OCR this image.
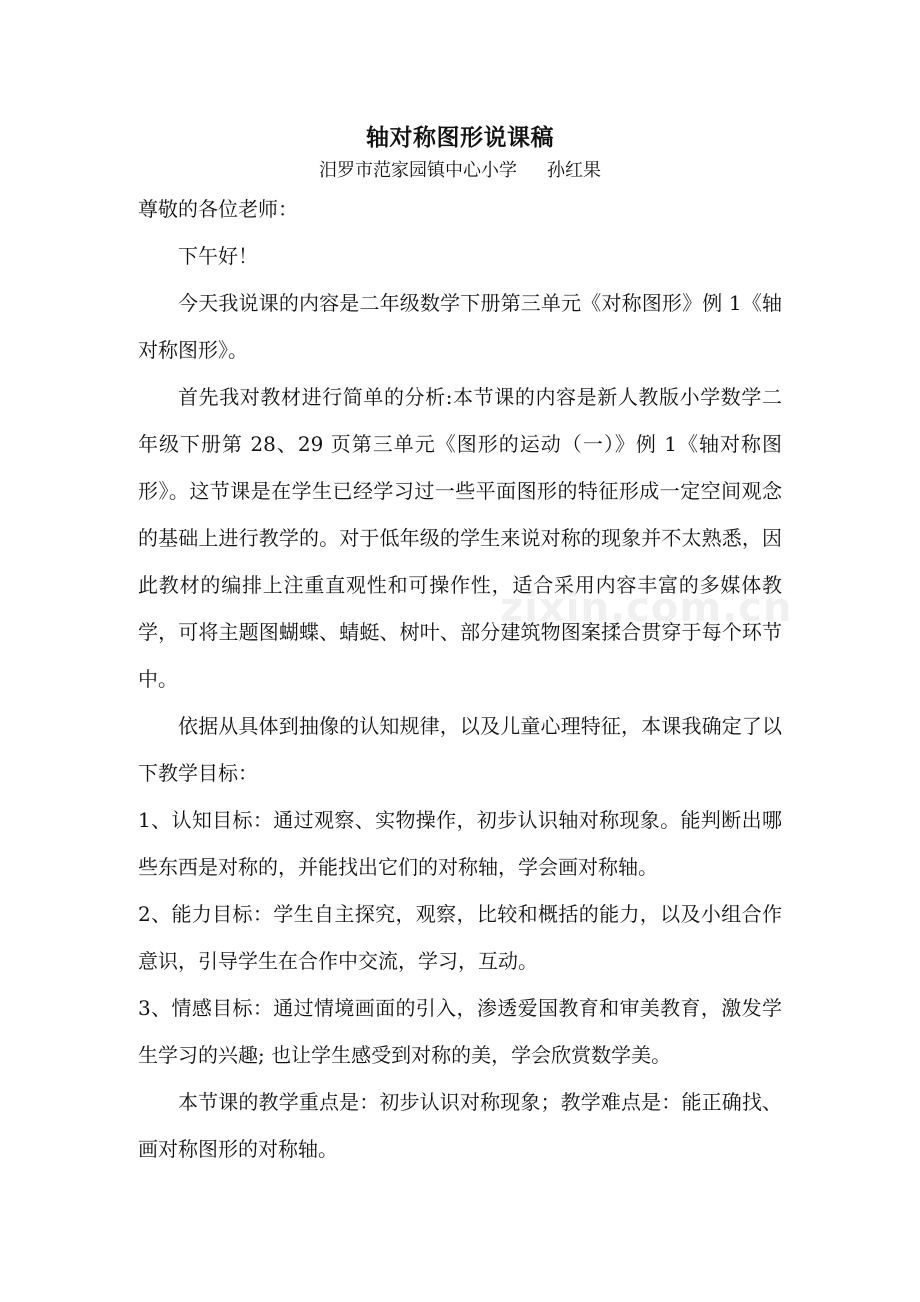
轴对称图形说课稿

汨罗市范家园镇中心小学 孙红果

尊敬的各位老师：

下午好！

今天我说课的内容是二年级数学下册第三单元《对称图形》例 1《轴对称图形》。

首先我对教材进行简单的分析:本节课的内容是新人教版小学数学二年级下册第 28、29 页第三单元《图形的运动（一）》例 1《轴对称图形》。这节课是在学生已经学习过一些平面图形的特征形成一定空间观念的基础上进行教学的。对于低年级的学生来说对称的现象并不太熟悉，因此教材的编排上注重直观性和可操作性，适合采用内容丰富的多媒体教学，可将主题图蝴蝶、蜻蜓、树叶、部分建筑物图案揉合贯穿于每个环节中。

依据从具体到抽像的认知规律，以及儿童心理特征，本课我确定了以下教学目标：

1、认知目标：通过观察、实物操作，初步认识轴对称现象。能判断出哪些东西是对称的，并能找出它们的对称轴，学会画对称轴。

2、能力目标：学生自主探究，观察，比较和概括的能力，以及小组合作意识，引导学生在合作中交流，学习，互动。

3、情感目标：通过情境画面的引入，渗透爱国教育和审美教育，激发学生学习的兴趣; 也让学生感受到对称的美，学会欣赏数学美。

本节课的教学重点是：初步认识对称现象；教学难点是：能正确找、画对称图形的对称轴。

zixin.com.cn
